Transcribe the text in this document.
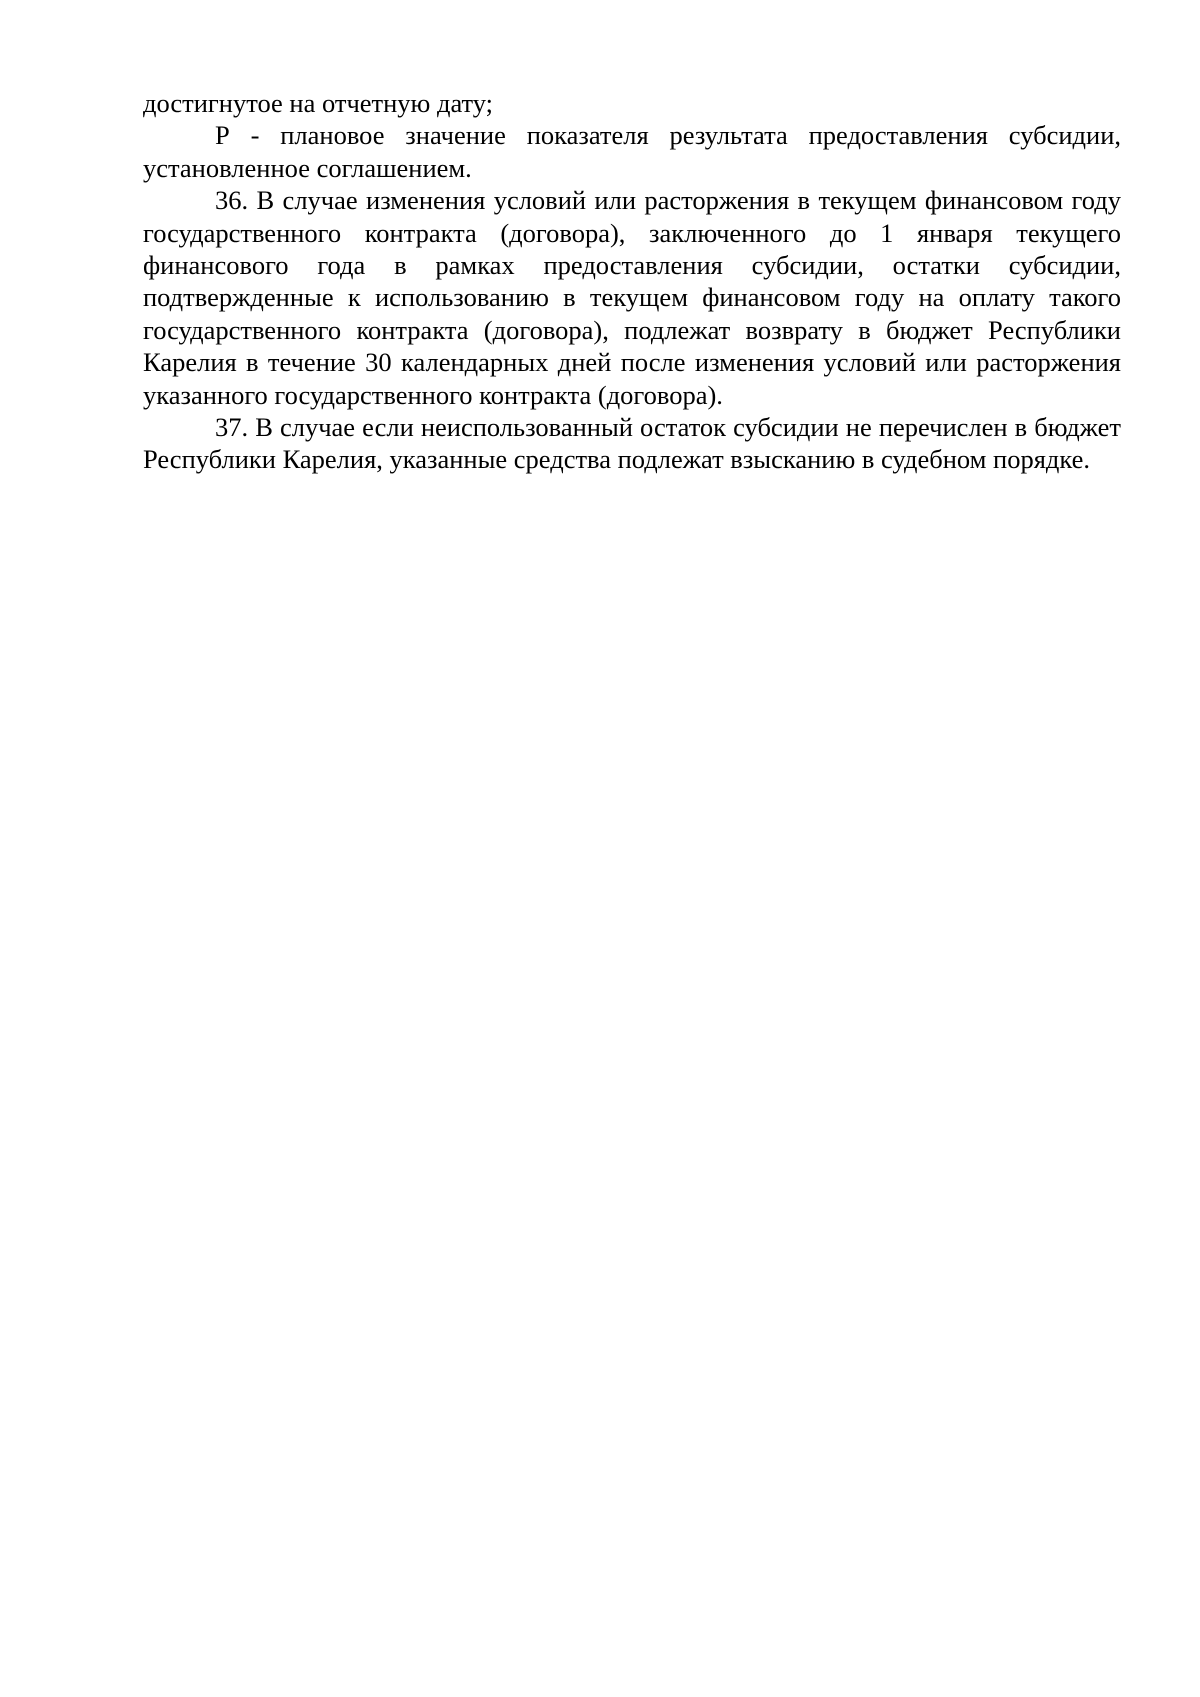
достигнутое на отчетную дату;

Р - плановое значение показателя результата предоставления субсидии, установленное соглашением.

36. В случае изменения условий или расторжения в текущем финансовом году государственного контракта (договора), заключенного до 1 января текущего финансового года в рамках предоставления субсидии, остатки субсидии, подтвержденные к использованию в текущем финансовом году на оплату такого государственного контракта (договора), подлежат возврату в бюджет Республики Карелия в течение 30 календарных дней после изменения условий или расторжения указанного государственного контракта (договора).

37. В случае если неиспользованный остаток субсидии не перечислен в бюджет Республики Карелия, указанные средства подлежат взысканию в судебном порядке.
